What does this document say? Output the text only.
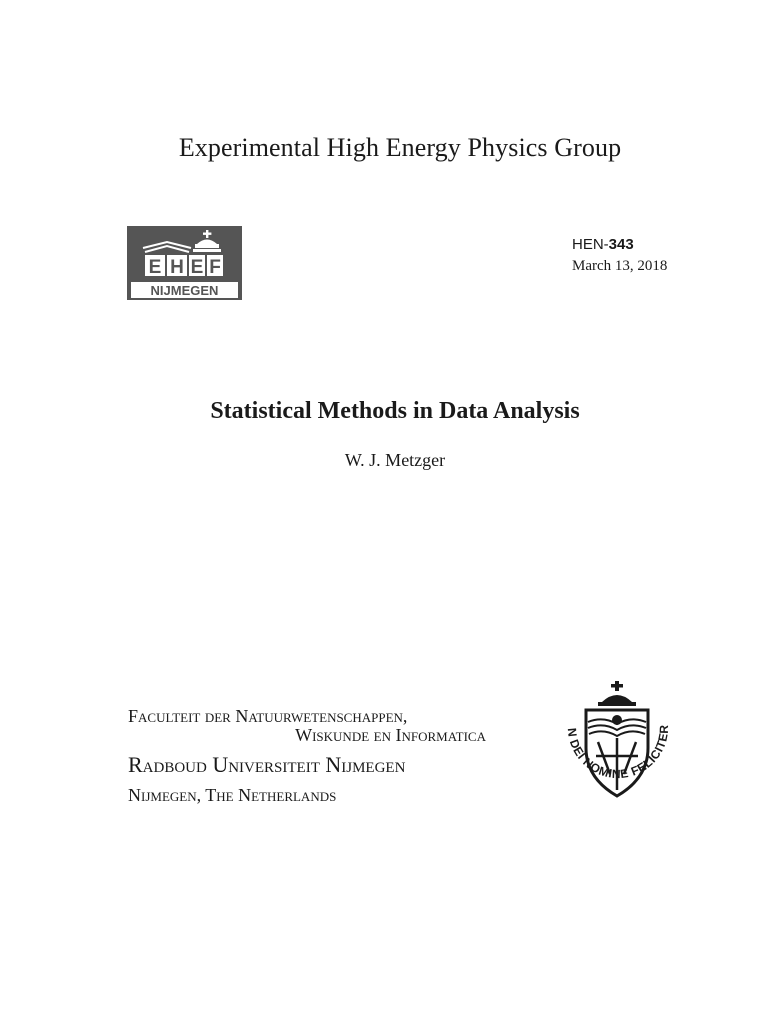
Experimental High Energy Physics Group
E H E F
NIJMEGEN
HEN-343
March 13, 2018
Statistical Methods in Data Analysis
W. J. Metzger
Faculteit der Natuurwetenschappen,
Wiskunde en Informatica
Radboud Universiteit Nijmegen
Nijmegen, The Netherlands
N DEI NOMINE FELICITER
